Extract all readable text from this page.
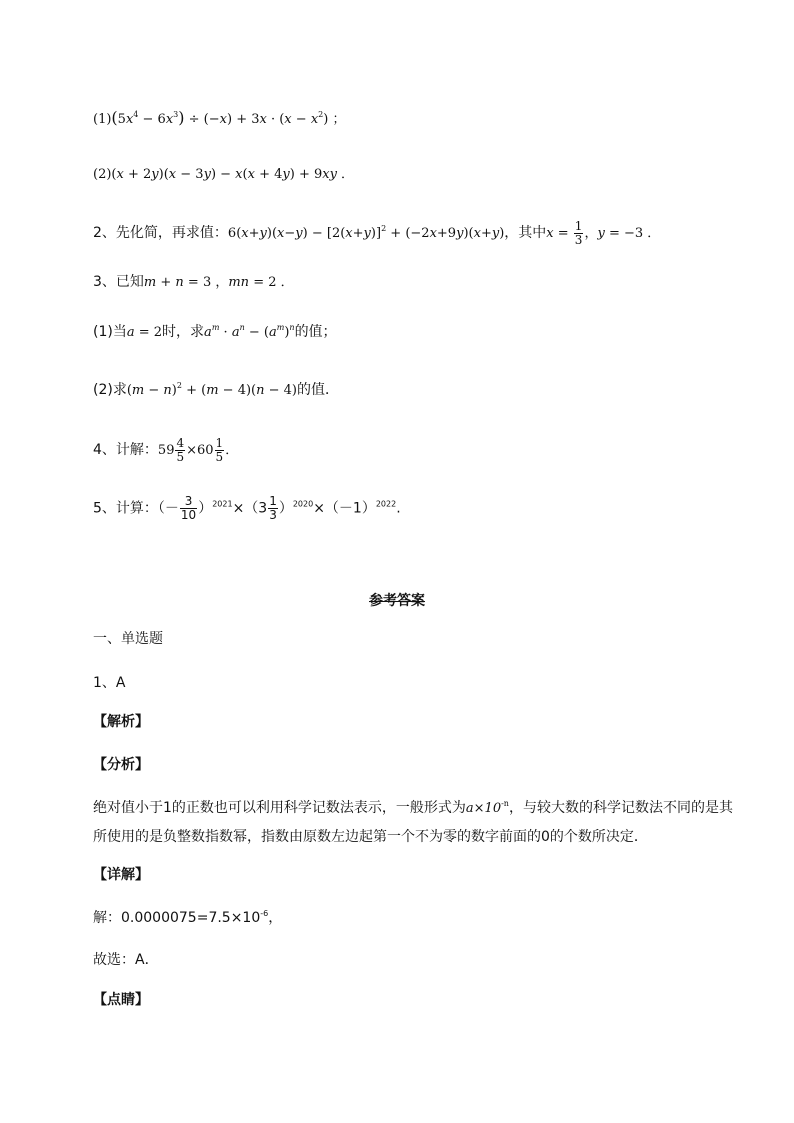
$(1)(5x^4 - 6x^3) \div (-x) + 3x \cdot (x - x^2)$ ；
(2)(x + 2y)(x − 3y) − x(x + 4y) + 9xy ．
2、先化简，再求值：$6(x+y)(x-y) - [2(x+y)]^2 + (-2x+9y)(x+y)$，其中$x = \frac{1}{3}$ ，y = −3 ．
3、已知m + n = 3 ，mn = 2 ．
(1)当a = 2时，求$a^m \cdot a^n - (a^m)^n$的值；
(2)求$(m - n)^2 + (m - 4)(n - 4)$的值．
4、计解：$59 \frac{4}{5} \times 60 \frac{1}{5}$ ．
5、计算：（－ $\frac{3}{10} )^{2021}\times(3 \frac{1}{3} )^{2020}\times(-1)^{2022}$.
参考答案
一、单选题
1、A
【解析】
【分析】
绝对值小于1的正数也可以利用科学记数法表示，一般形式为$a\times 10^{-n}$，与较大数的科学记数法不同的是其所使用的是负整数指数幂，指数由原数左边起第一个不为零的数字前面的0的个数所决定．
【详解】
解：$0.0000075=7.5\times 10^{-6}$，
故选：A．
【点睛】
